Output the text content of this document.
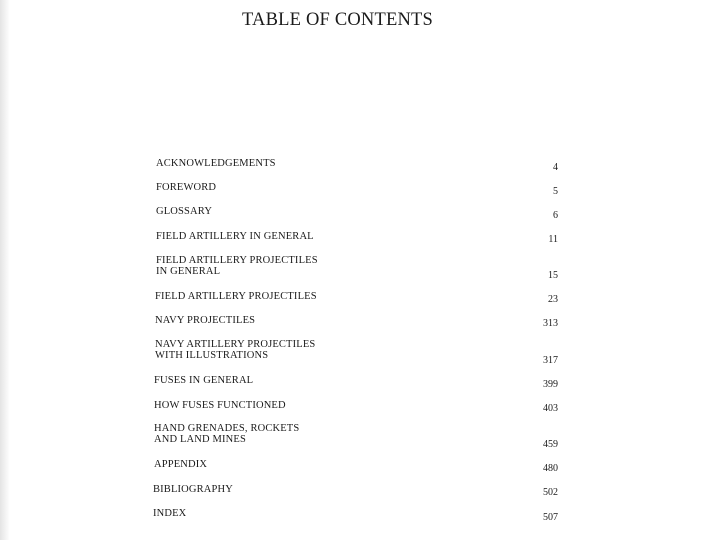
TABLE OF CONTENTS
ACKNOWLEDGEMENTS	4
FOREWORD	5
GLOSSARY	6
FIELD ARTILLERY IN GENERAL	11
FIELD ARTILLERY PROJECTILES
IN GENERAL	15
FIELD ARTILLERY PROJECTILES	23
NAVY PROJECTILES	313
NAVY ARTILLERY PROJECTILES
WITH ILLUSTRATIONS	317
FUSES IN GENERAL	399
HOW FUSES FUNCTIONED	403
HAND GRENADES, ROCKETS
AND LAND MINES	459
APPENDIX	480
BIBLIOGRAPHY	502
INDEX	507
